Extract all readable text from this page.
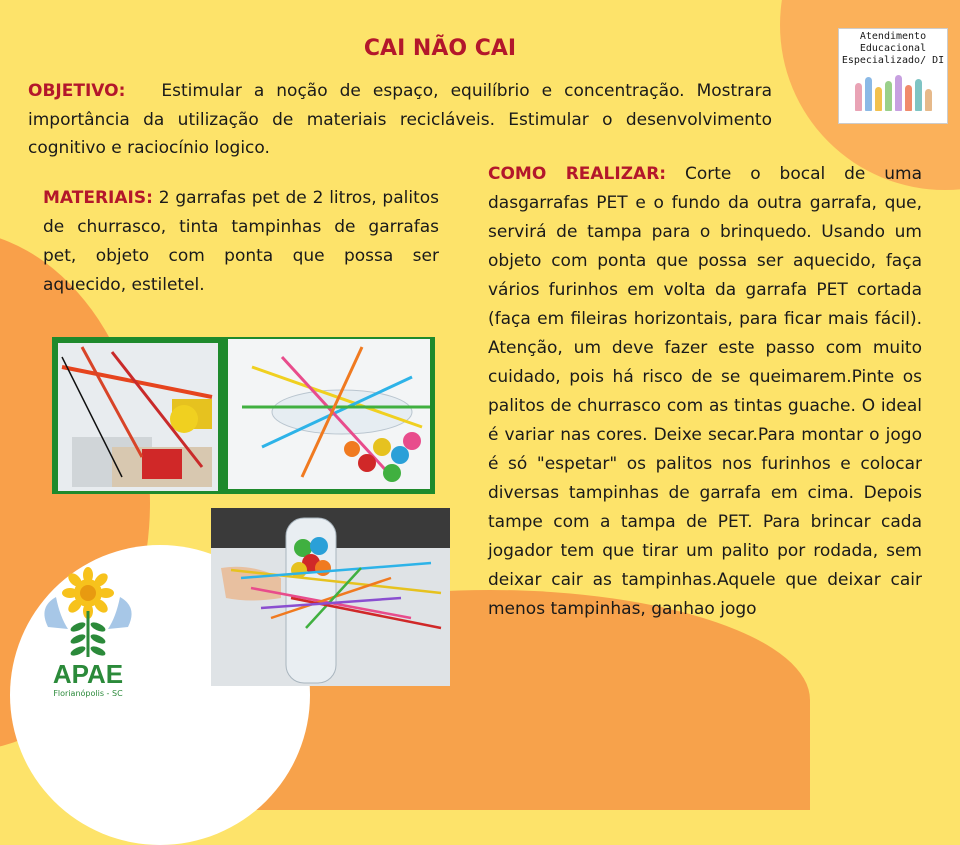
CAI NÃO CAI
OBJETIVO: Estimular a noção de espaço, equilíbrio e concentração. Mostrara importância da utilização de materiais recicláveis. Estimular o desenvolvimento cognitivo e raciocínio logico.
MATERIAIS: 2 garrafas pet de 2 litros, palitos de churrasco, tinta tampinhas de garrafas pet, objeto com ponta que possa ser aquecido, estiletel.
COMO REALIZAR: Corte o bocal de uma dasgarrafas PET e o fundo da outra garrafa, que, servirá de tampa para o brinquedo. Usando um objeto com ponta que possa ser aquecido, faça vários furinhos em volta da garrafa PET cortada (faça em fileiras horizontais, para ficar mais fácil). Atenção, um deve fazer este passo com muito cuidado, pois há risco de se queimarem.Pinte os palitos de churrasco com as tintas guache. O ideal é variar nas cores. Deixe secar.Para montar o jogo é só "espetar" os palitos nos furinhos e colocar diversas tampinhas de garrafa em cima. Depois tampe com a tampa de PET. Para brincar cada jogador tem que tirar um palito por rodada, sem deixar cair as tampinhas.Aquele que deixar cair menos tampinhas, ganhao jogo
Atendimento
Educacional
Especializado/ DI
APAE
Florianópolis - SC
